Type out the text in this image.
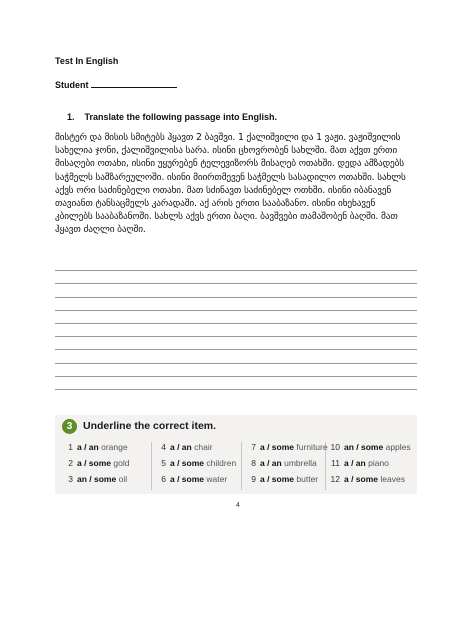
Test In English
Student
1. Translate the following passage into English.
მისტერ და მისის სმიტებს ჰყავთ 2 ბავშვი. 1 ქალიშვილი და 1 ვაჟი. ვაჟიშვილის
სახელია ჯონი, ქალიშვილისა სარა. ისინი ცხოვრობენ სახლში. მათ აქვთ ერთი
მისაღები ოთახი, ისინი უყურებენ ტელევიზორს მისაღებ ოთახში. დედა ამზადებს
საჭმელს სამზარეულოში. ისინი მიირთმევენ საჭმელს სასადილო ოთახში. სახლს
აქვს ორი საძინებელი ოთახი. მათ სძინავთ საძინებელ ოთხში. ისინი იბანავენ
თავიანთ ტანსაცმელს კარადაში. აქ არის ერთი სააბაზანო. ისინი იხეხავენ
კბილებს სააბაზანოში. სახლს აქვს ერთი ბაღი. ბავშვები თამაშობენ ბაღში. მათ
ჰყავთ ძაღლი ბაღში.
3	Underline the correct item.
1 a / an orange	4 a / an chair	7 a / some furniture 10 an / some apples
2 a / some gold	5 a / some children	8 a / an umbrella 11 a / an piano
3 an / some oil	6 a / some water	9 a / some butter 12 a / some leaves
4
